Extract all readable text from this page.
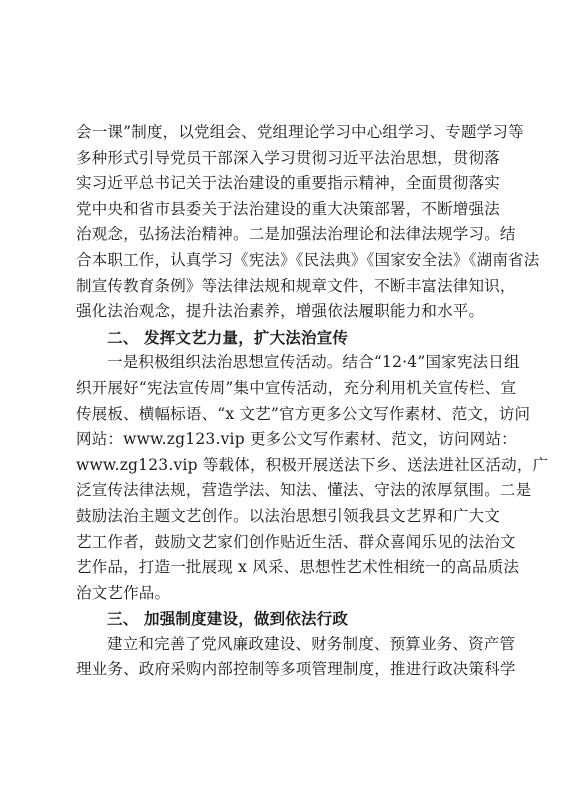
会一课”制度，以党组会、党组理论学习中心组学习、专题学习等
多种形式引导党员干部深入学习贯彻习近平法治思想，贯彻落
实习近平总书记关于法治建设的重要指示精神，全面贯彻落实
党中央和省市县委关于法治建设的重大决策部署，不断增强法
治观念，弘扬法治精神。二是加强法治理论和法律法规学习。结
合本职工作，认真学习《宪法》《民法典》《国家安全法》《湖南省法
制宣传教育条例》等法律法规和规章文件，不断丰富法律知识，
强化法治观念，提升法治素养，增强依法履职能力和水平。
二、 发挥文艺力量，扩大法治宣传
一是积极组织法治思想宣传活动。结合“12·4”国家宪法日组
织开展好“宪法宣传周”集中宣传活动，充分利用机关宣传栏、宣
传展板、横幅标语、“x 文艺”官方更多公文写作素材、范文，访问
网站：www.zg123.vip 更多公文写作素材、范文，访问网站：
www.zg123.vip 等载体，积极开展送法下乡、送法进社区活动，广
泛宣传法律法规，营造学法、知法、懂法、守法的浓厚氛围。二是
鼓励法治主题文艺创作。以法治思想引领我县文艺界和广大文
艺工作者，鼓励文艺家们创作贴近生活、群众喜闻乐见的法治文
艺作品，打造一批展现 x 风采、思想性艺术性相统一的高品质法
治文艺作品。
三、 加强制度建设，做到依法行政
建立和完善了党风廉政建设、财务制度、预算业务、资产管
理业务、政府采购内部控制等多项管理制度，推进行政决策科学
